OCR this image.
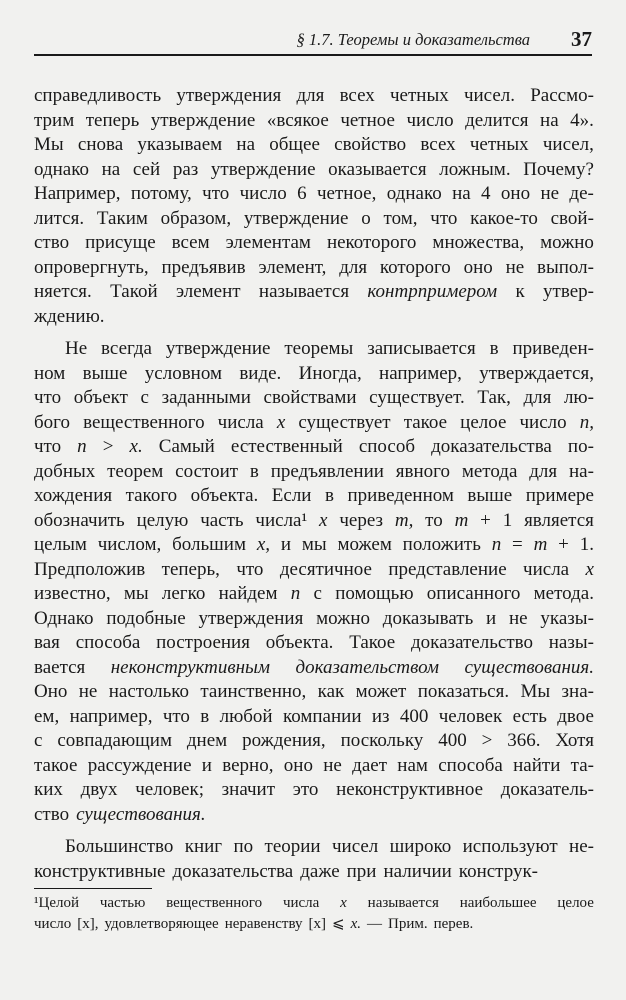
§ 1.7. Теоремы и доказательства 37
справедливость утверждения для всех четных чисел. Рассмо-
трим теперь утверждение «всякое четное число делится на 4».
Мы снова указываем на общее свойство всех четных чисел,
однако на сей раз утверждение оказывается ложным. Почему?
Например, потому, что число 6 четное, однако на 4 оно не де-
лится. Таким образом, утверждение о том, что какое-то свой-
ство присуще всем элементам некоторого множества, можно
опровергнуть, предъявив элемент, для которого оно не выпол-
няется. Такой элемент называется контрпримером к утвер-
ждению.
Не всегда утверждение теоремы записывается в приведен-
ном выше условном виде. Иногда, например, утверждается,
что объект с заданными свойствами существует. Так, для лю-
бого вещественного числа x существует такое целое число n,
что n > x. Самый естественный способ доказательства по-
добных теорем состоит в предъявлении явного метода для на-
хождения такого объекта. Если в приведенном выше примере
обозначить целую часть числа¹ x через m, то m + 1 является
целым числом, большим x, и мы можем положить n = m + 1.
Предположив теперь, что десятичное представление числа x
известно, мы легко найдем n с помощью описанного метода.
Однако подобные утверждения можно доказывать и не указы-
вая способа построения объекта. Такое доказательство назы-
вается неконструктивным доказательством существования.
Оно не настолько таинственно, как может показаться. Мы зна-
ем, например, что в любой компании из 400 человек есть двое
с совпадающим днем рождения, поскольку 400 > 366. Хотя
такое рассуждение и верно, оно не дает нам способа найти та-
ких двух человек; значит это неконструктивное доказатель-
ство существования.
Большинство книг по теории чисел широко используют не-
конструктивные доказательства даже при наличии конструк-
¹Целой частью вещественного числа x называется наибольшее целое
число [x], удовлетворяющее неравенству [x] ⩽ x. — Прим. перев.
